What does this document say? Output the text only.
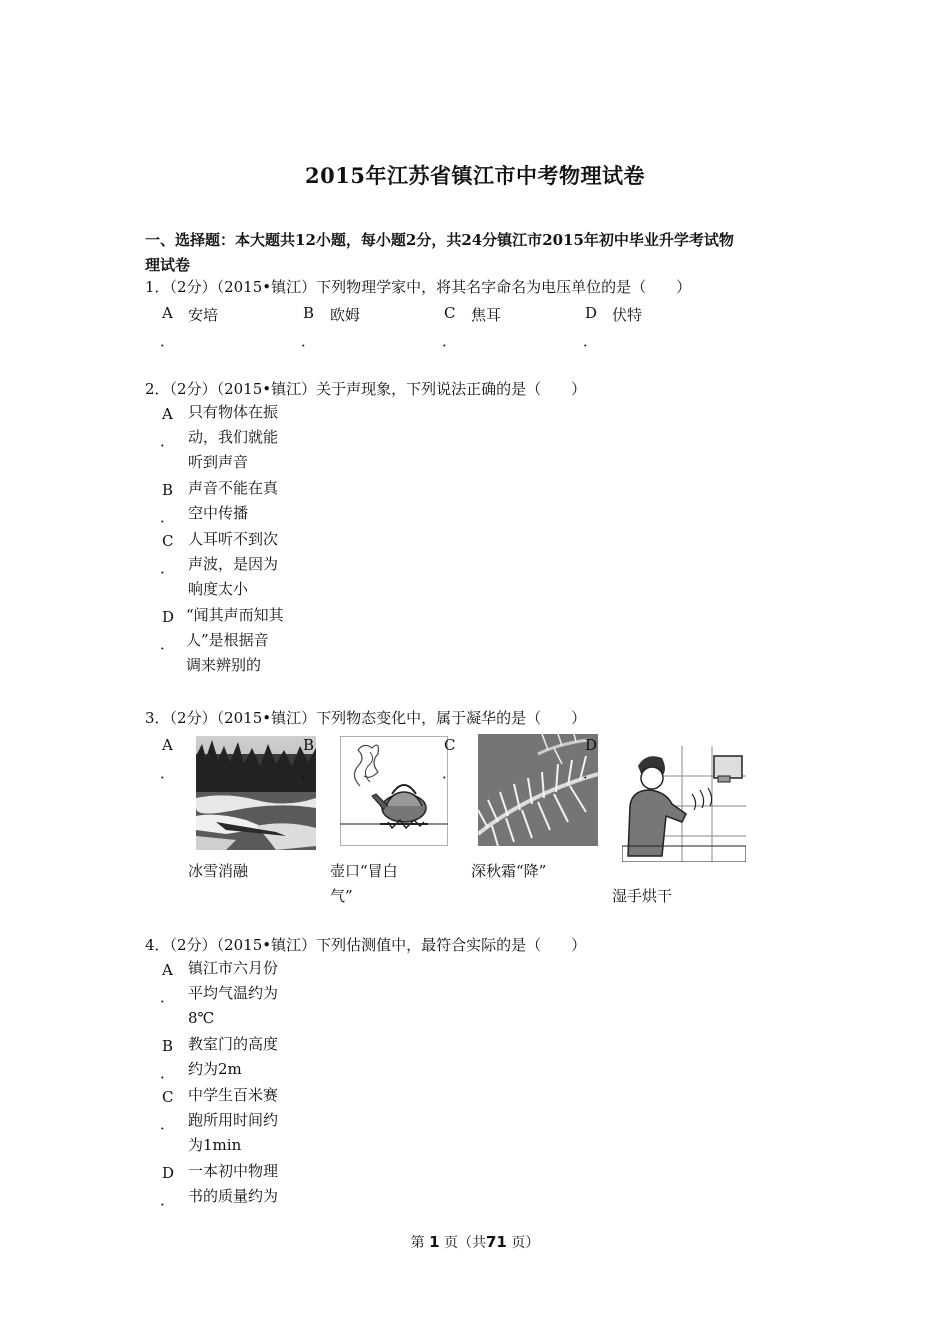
2015年江苏省镇江市中考物理试卷
一、选择题：本大题共12小题，每小题2分，共24分镇江市2015年初中毕业升学考试物
理试卷
1．（2分）（2015•镇江）下列物理学家中，将其名字命名为电压单位的是（　　）
A 安培
．
B 欧姆
．
C 焦耳
．
D 伏特
．
2．（2分）（2015•镇江）关于声现象，下列说法正确的是（　　）
A
．
只有物体在振
动，我们就能
听到声音
B
．
声音不能在真
空中传播
C
．
人耳听不到次
声波，是因为
响度太小
D
．
“闻其声而知其
人”是根据音
调来辨别的
3．（2分）（2015•镇江）下列物态变化中，属于凝华的是（　　）
A
．
B
．
C
．
D
．
冰雪消融	壶口“冒白
气”
深秋霜“降”
湿手烘干
4．（2分）（2015•镇江）下列估测值中，最符合实际的是（　　）
A
．
镇江市六月份
平均气温约为
8℃
B
．
教室门的高度
约为2m
C
．
中学生百米赛
跑所用时间约
为1min
D
．
一本初中物理
书的质量约为
第 1 页（共71 页）
